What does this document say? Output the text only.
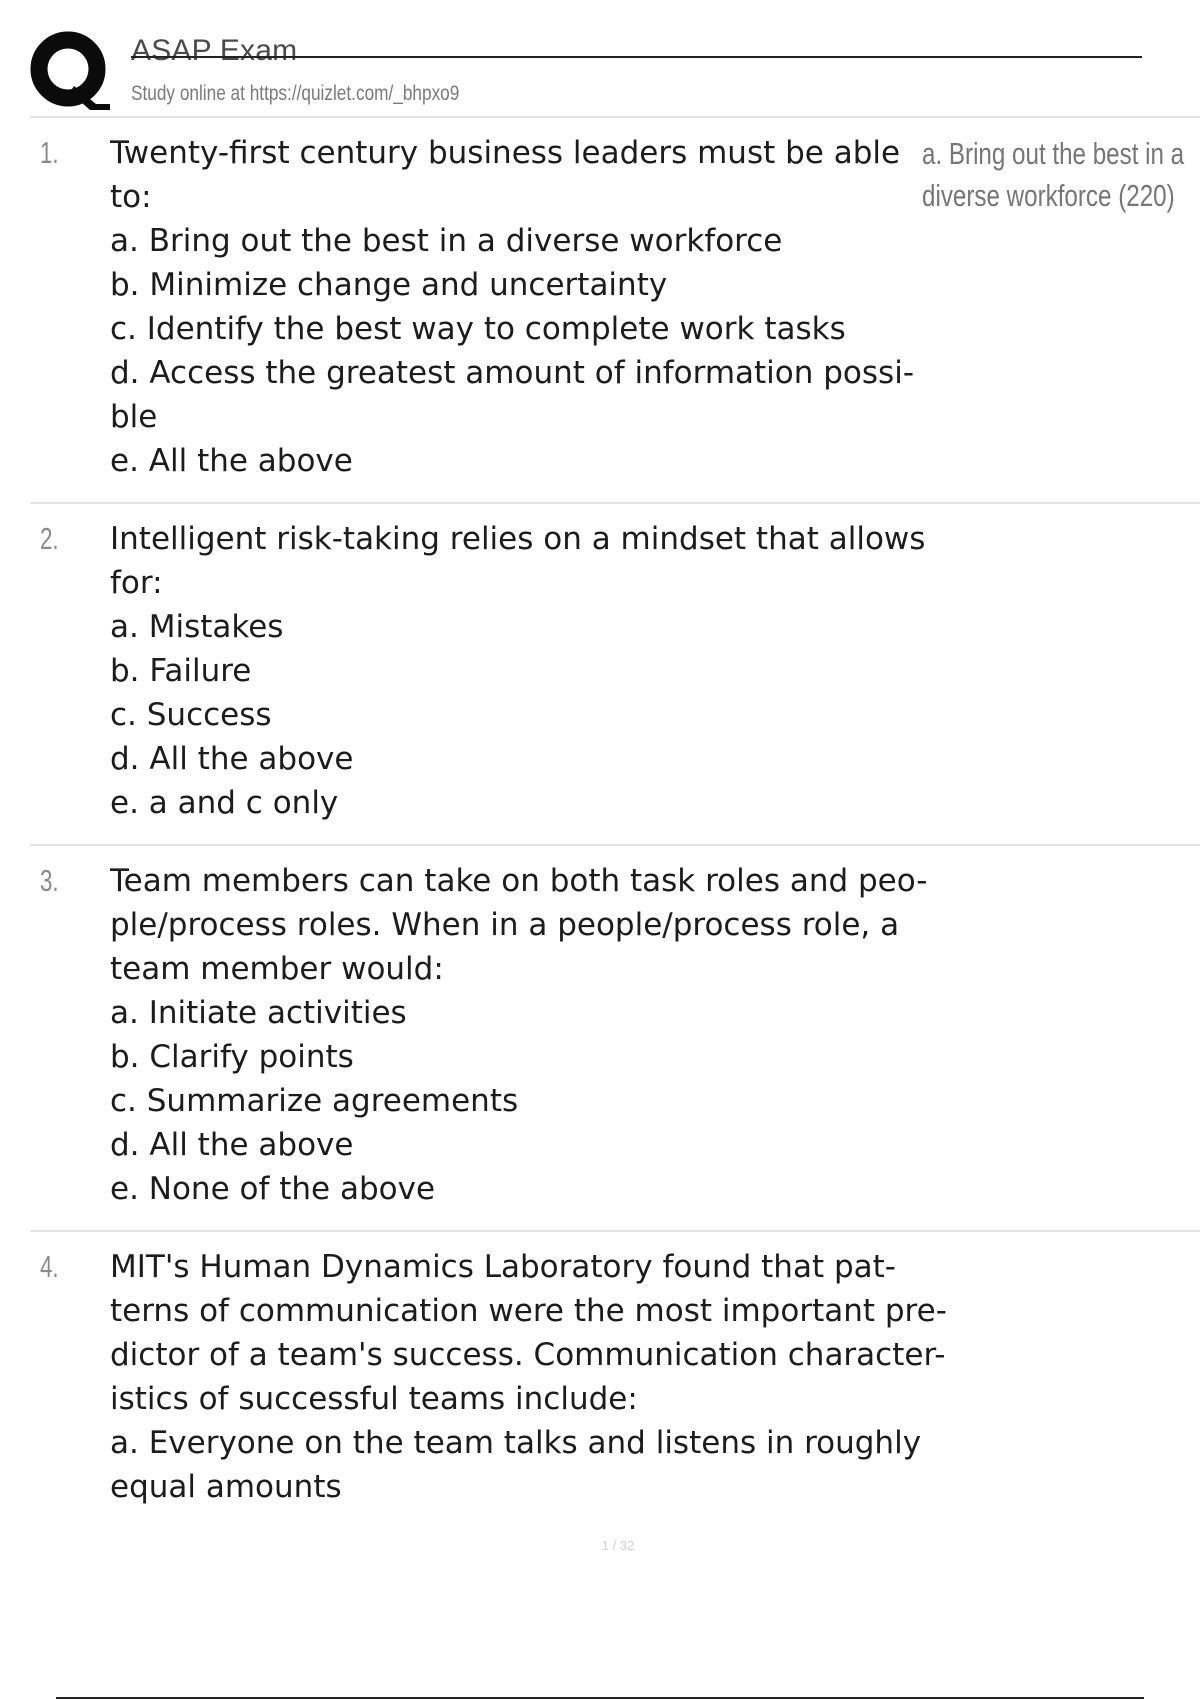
ASAP Exam
Study online at https://quizlet.com/_bhpxo9
1. Twenty-first century business leaders must be able
to:
a. Bring out the best in a diverse workforce
b. Minimize change and uncertainty
c. Identify the best way to complete work tasks
d. Access the greatest amount of information possi-
ble
e. All the above
a. Bring out the best in a
diverse workforce (220)
2. Intelligent risk-taking relies on a mindset that allows
for:
a. Mistakes
b. Failure
c. Success
d. All the above
e. a and c only
3. Team members can take on both task roles and peo-
ple/process roles. When in a people/process role, a
team member would:
a. Initiate activities
b. Clarify points
c. Summarize agreements
d. All the above
e. None of the above
4. MIT's Human Dynamics Laboratory found that pat-
terns of communication were the most important pre-
dictor of a team's success. Communication character-
istics of successful teams include:
a. Everyone on the team talks and listens in roughly
equal amounts
1 / 32
